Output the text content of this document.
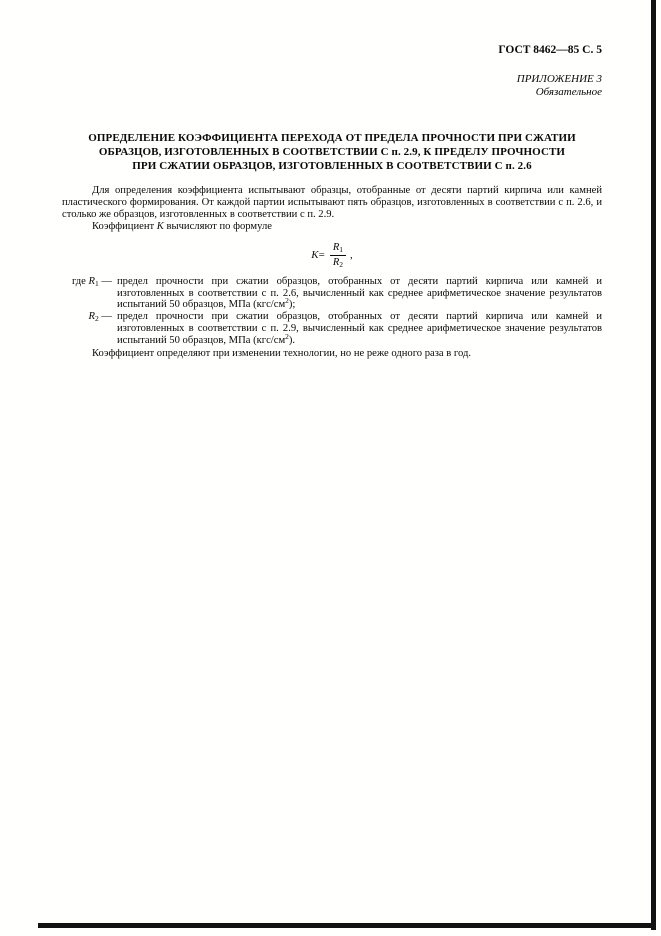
ГОСТ 8462—85 С. 5
ПРИЛОЖЕНИЕ 3
Обязательное
ОПРЕДЕЛЕНИЕ КОЭФФИЦИЕНТА ПЕРЕХОДА ОТ ПРЕДЕЛА ПРОЧНОСТИ ПРИ СЖАТИИ
ОБРАЗЦОВ, ИЗГОТОВЛЕННЫХ В СООТВЕТСТВИИ С п. 2.9, К ПРЕДЕЛУ ПРОЧНОСТИ
ПРИ СЖАТИИ ОБРАЗЦОВ, ИЗГОТОВЛЕННЫХ В СООТВЕТСТВИИ С п. 2.6

Для определения коэффициента испытывают образцы, отобранные от десяти партий кирпича или камней пластического формирования. От каждой партии испытывают пять образцов, изготовленных в соответствии с п. 2.6, и столько же образцов, изготовленных в соответствии с п. 2.9.

Коэффициент К вычисляют по формуле

$K = \frac{R_1}{R_2}$ ,
где $R_1$ — предел прочности при сжатии образцов, отобранных от десяти партий кирпича или камней и изготовленных в соответствии с п. 2.6, вычисленный как среднее арифметическое значение результатов испытаний 50 образцов, МПа $(кгс/см^2)$;
$R_2$ — предел прочности при сжатии образцов, отобранных от десяти партий кирпича или камней и изготовленных в соответствии с п. 2.9, вычисленный как среднее арифметическое значение результатов испытаний 50 образцов, МПа $(кгс/см^2)$.

Коэффициент определяют при изменении технологии, но не реже одного раза в год.
